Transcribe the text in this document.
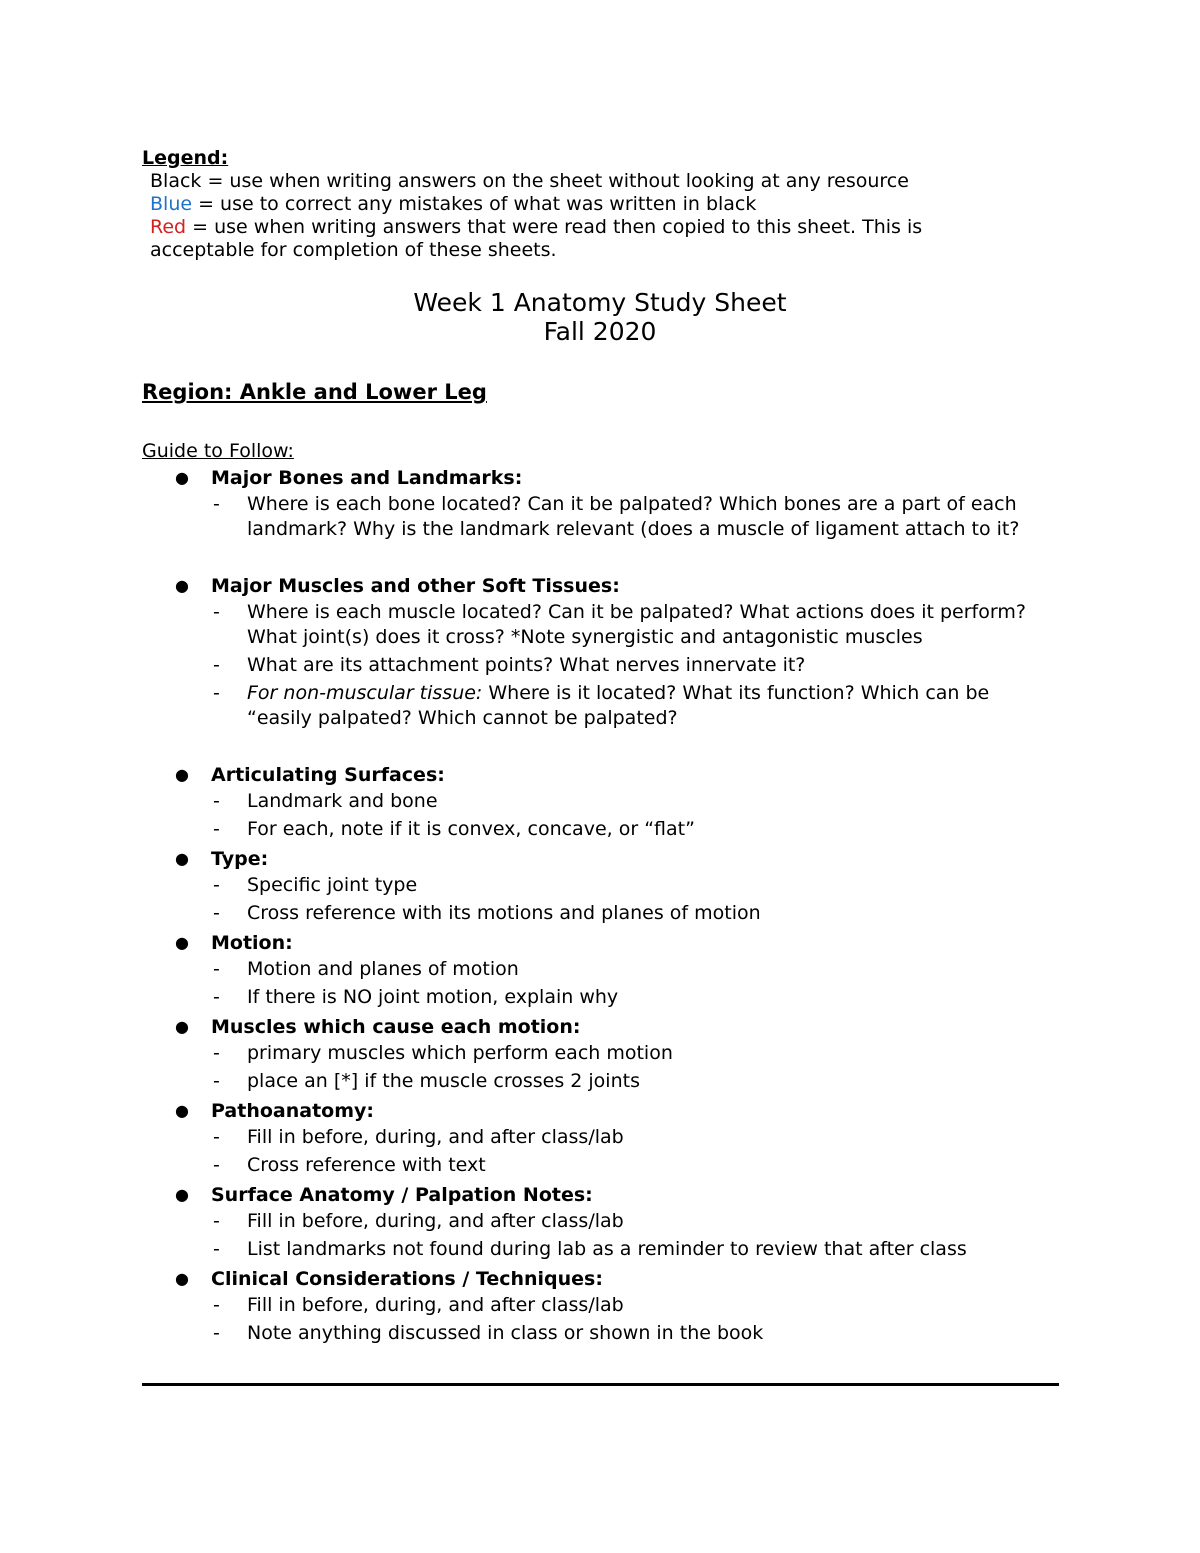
Legend:
Black = use when writing answers on the sheet without looking at any resource
Blue = use to correct any mistakes of what was written in black
Red = use when writing answers that were read then copied to this sheet. This is acceptable for completion of these sheets.
Week 1 Anatomy Study Sheet
Fall 2020
Region: Ankle and Lower Leg
Guide to Follow:
●	Major Bones and Landmarks:
- Where is each bone located? Can it be palpated? Which bones are a part of each landmark? Why is the landmark relevant (does a muscle of ligament attach to it?
●	Major Muscles and other Soft Tissues:
- Where is each muscle located? Can it be palpated? What actions does it perform? What joint(s) does it cross? *Note synergistic and antagonistic muscles
- What are its attachment points? What nerves innervate it?
- For non-muscular tissue: Where is it located? What its function? Which can be “easily palpated? Which cannot be palpated?
●	Articulating Surfaces:
- Landmark and bone
- For each, note if it is convex, concave, or “flat”
●	Type:
- Specific joint type
- Cross reference with its motions and planes of motion
●	Motion:
- Motion and planes of motion
- If there is NO joint motion, explain why
●	Muscles which cause each motion:
- primary muscles which perform each motion
- place an [*] if the muscle crosses 2 joints
●	Pathoanatomy:
- Fill in before, during, and after class/lab
- Cross reference with text
●	Surface Anatomy / Palpation Notes:
- Fill in before, during, and after class/lab
- List landmarks not found during lab as a reminder to review that after class
●	Clinical Considerations / Techniques:
- Fill in before, during, and after class/lab
- Note anything discussed in class or shown in the book
